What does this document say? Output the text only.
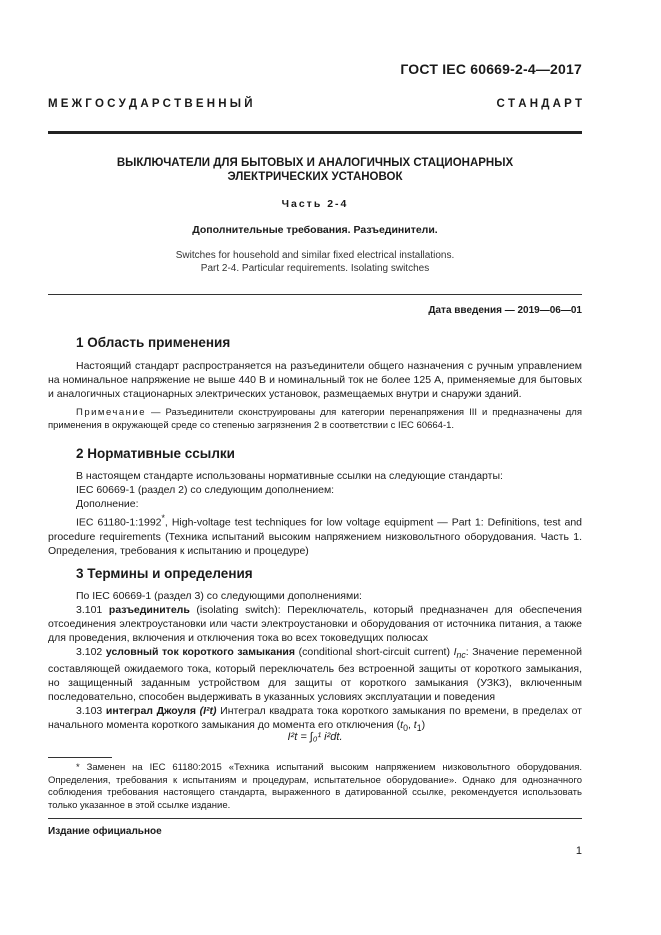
ГОСТ IEC 60669-2-4—2017
М Е Ж Г О С У Д А Р С Т В Е Н Н Ы Й	С Т А Н Д А Р Т
ВЫКЛЮЧАТЕЛИ ДЛЯ БЫТОВЫХ И АНАЛОГИЧНЫХ СТАЦИОНАРНЫХ
ЭЛЕКТРИЧЕСКИХ УСТАНОВОК
Часть 2-4
Дополнительные требования. Разъединители.
Switches for household and similar fixed electrical installations.
Part 2-4. Particular requirements. Isolating switches
Дата введения — 2019—06—01
1 Область применения

Настоящий стандарт распространяется на разъединители общего назначения с ручным управлением на номинальное напряжение не выше 440 В и номинальный ток не более 125 А, применяемые для бытовых и аналогичных стационарных электрических установок, размещаемых внутри и снаружи зданий.

Примечание — Разъединители сконструированы для категории перенапряжения III и предназначены для применения в окружающей среде со степенью загрязнения 2 в соответствии с IEC 60664-1.

2 Нормативные ссылки

В настоящем стандарте использованы нормативные ссылки на следующие стандарты:

IEC 60669-1 (раздел 2) со следующим дополнением:

Дополнение:

IEC 61180-1:1992*, High-voltage test techniques for low voltage equipment — Part 1: Definitions, test and procedure requirements (Техника испытаний высоким напряжением низковольтного оборудования. Часть 1. Определения, требования к испытанию и процедуре)

3 Термины и определения

По IEC 60669-1 (раздел 3) со следующими дополнениями:

3.101 разъединитель (isolating switch): Переключатель, который предназначен для обеспечения отсоединения электроустановки или части электроустановки и оборудования от источника питания, а также для проведения, включения и отключения тока во всех токоведущих полюсах

3.102 условный ток короткого замыкания (conditional short-circuit current) $I_{nc}$: Значение переменной составляющей ожидаемого тока, который переключатель без встроенной защиты от короткого замыкания, но защищенный заданным устройством для защиты от короткого замыкания (УЗКЗ), включенным последовательно, способен выдерживать в указанных условиях эксплуатации и поведения

3.103 интеграл Джоуля (I²t) Интеграл квадрата тока короткого замыкания по времени, в пределах от начального момента короткого замыкания до момента его отключения ($t_0$, $t_1$)

I²t = ∫₀¹ i²dt.

* Заменен на IEC 61180:2015 «Техника испытаний высоким напряжением низковольтного оборудования. Определения, требования к испытаниям и процедурам, испытательное оборудование». Однако для однозначного соблюдения требования настоящего стандарта, выраженного в датированной ссылке, рекомендуется использовать только указанное в этой ссылке издание.

Издание официальное
1
